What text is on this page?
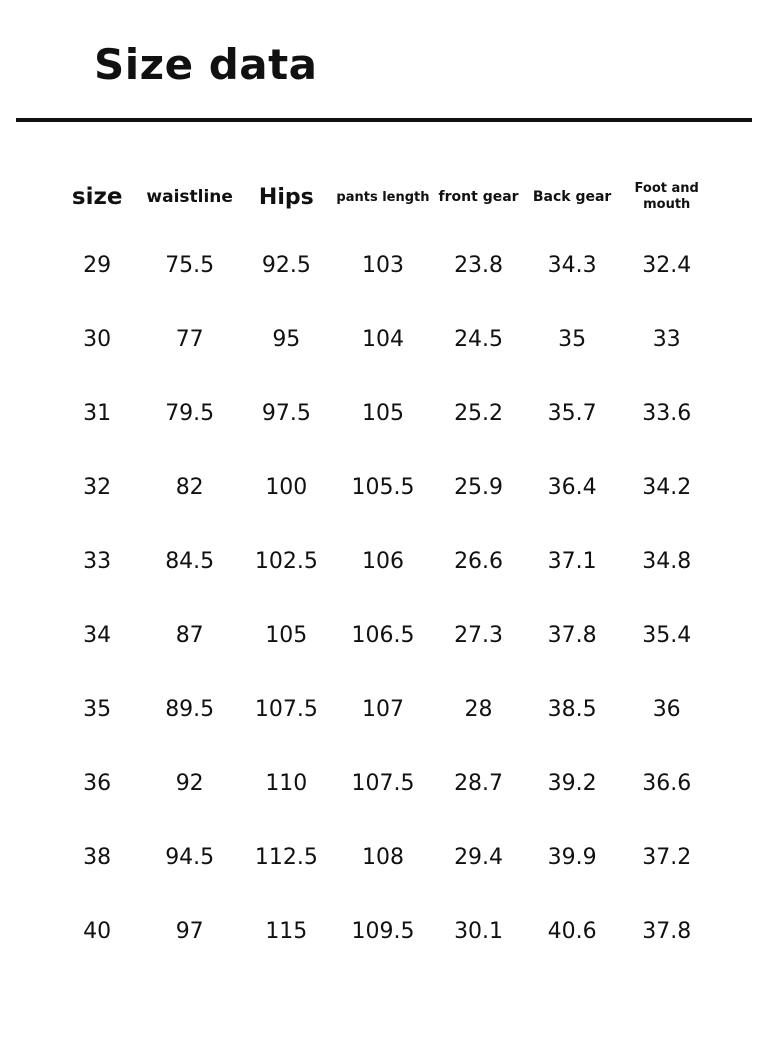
Size data
size	waistline	Hips	pants length	front gear	Back gear	Foot and mouth
29	75.5	92.5	103	23.8	34.3	32.4
30	77	95	104	24.5	35	33
31	79.5	97.5	105	25.2	35.7	33.6
32	82	100	105.5	25.9	36.4	34.2
33	84.5	102.5	106	26.6	37.1	34.8
34	87	105	106.5	27.3	37.8	35.4
35	89.5	107.5	107	28	38.5	36
36	92	110	107.5	28.7	39.2	36.6
38	94.5	112.5	108	29.4	39.9	37.2
40	97	115	109.5	30.1	40.6	37.8
